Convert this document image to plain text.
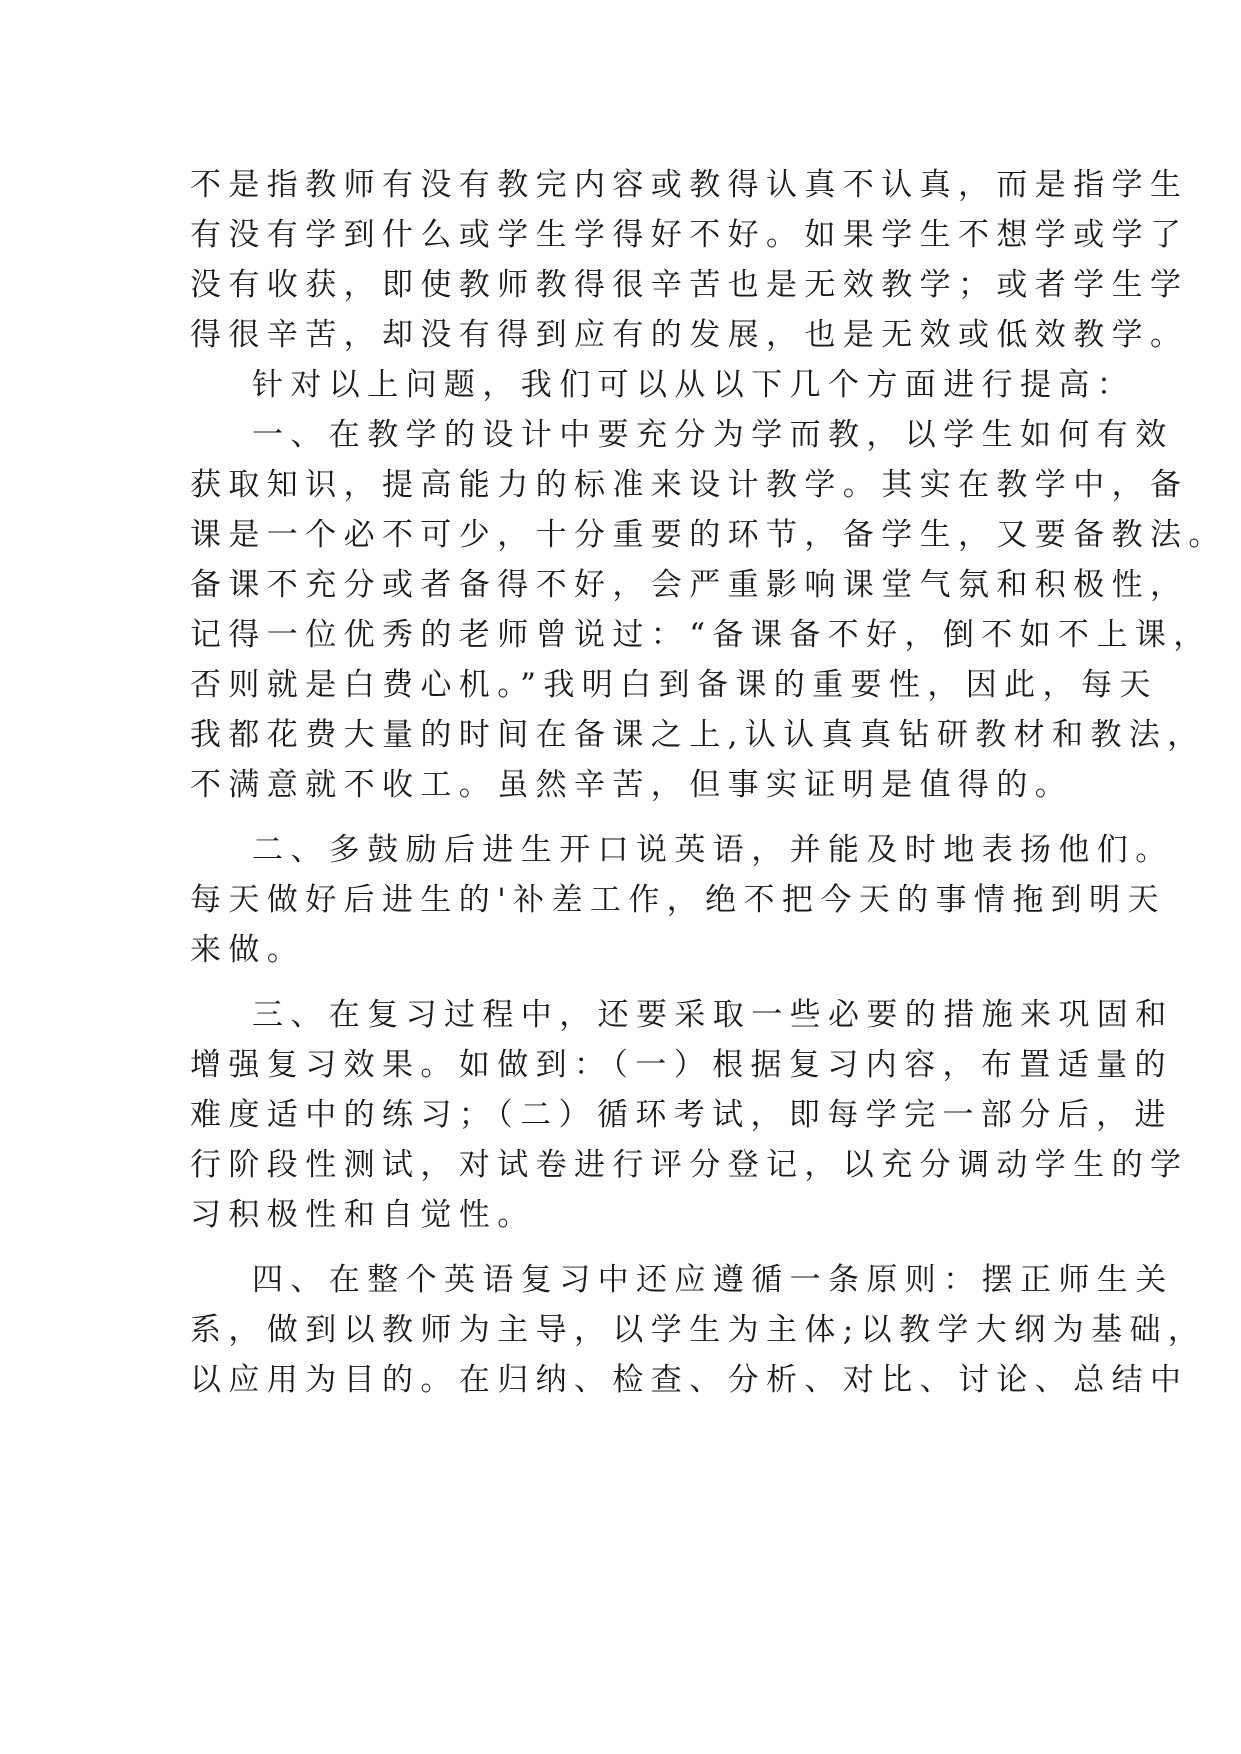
不是指教师有没有教完内容或教得认真不认真，而是指学生
有没有学到什么或学生学得好不好。如果学生不想学或学了
没有收获，即使教师教得很辛苦也是无效教学；或者学生学
得很辛苦，却没有得到应有的发展，也是无效或低效教学。
针对以上问题，我们可以从以下几个方面进行提高：
一、在教学的设计中要充分为学而教，以学生如何有效
获取知识，提高能力的标准来设计教学。其实在教学中，备
课是一个必不可少，十分重要的环节，备学生，又要备教法。
备课不充分或者备得不好，会严重影响课堂气氛和积极性，
记得一位优秀的老师曾说过：“备课备不好，倒不如不上课，
否则就是白费心机。”我明白到备课的重要性，因此，每天
我都花费大量的时间在备课之上,认认真真钻研教材和教法，
不满意就不收工。虽然辛苦，但事实证明是值得的。
二、多鼓励后进生开口说英语，并能及时地表扬他们。
每天做好后进生的'补差工作，绝不把今天的事情拖到明天
来做。
三、在复习过程中，还要采取一些必要的措施来巩固和
增强复习效果。如做到：（一）根据复习内容，布置适量的
难度适中的练习；（二）循环考试，即每学完一部分后，进
行阶段性测试，对试卷进行评分登记，以充分调动学生的学
习积极性和自觉性。
四、在整个英语复习中还应遵循一条原则：摆正师生关
系，做到以教师为主导，以学生为主体;以教学大纲为基础，
以应用为目的。在归纳、检查、分析、对比、讨论、总结中
